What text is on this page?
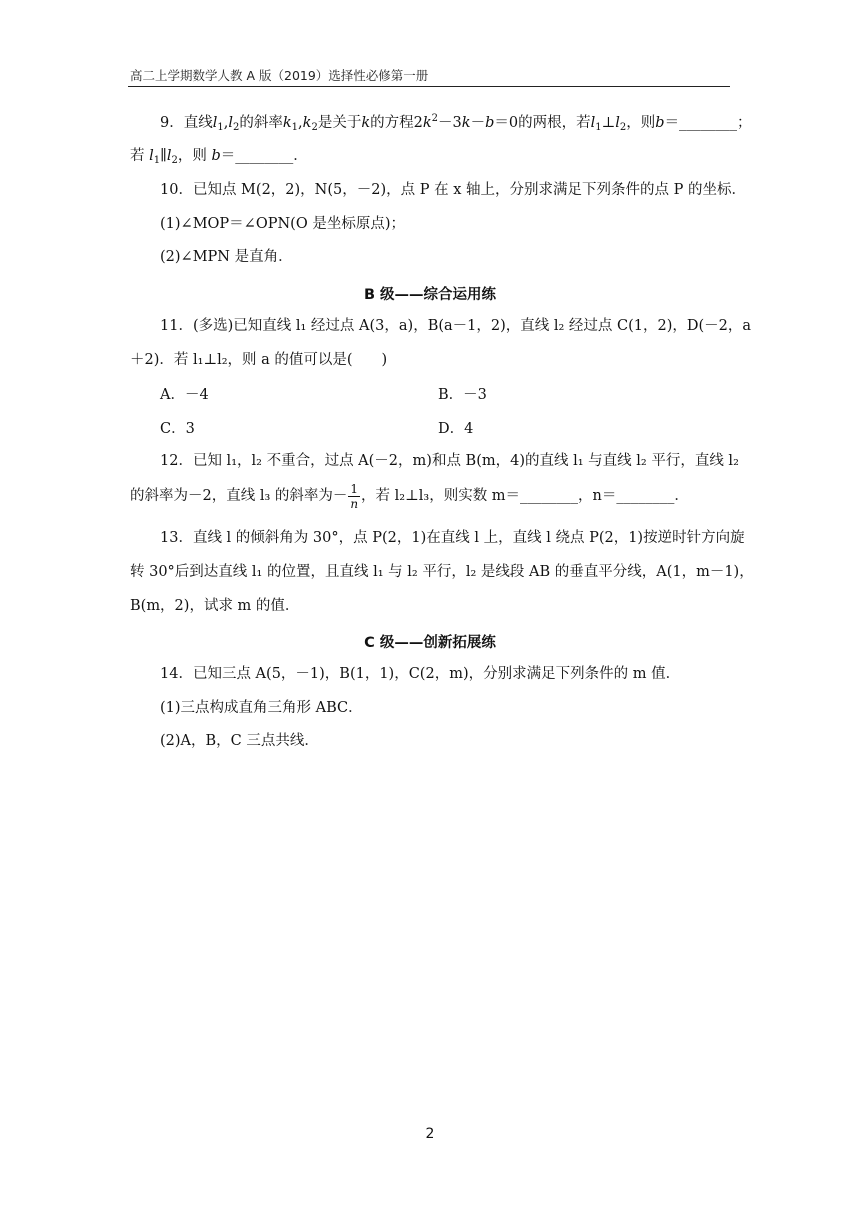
高二上学期数学人教 A 版（2019）选择性必修第一册
9．直线$l_1,l_2$的斜率$k_1,k_2$是关于k的方程$2k^2-3k-b=0$的两根，若$l_1\perp l_2$，则b＝________；
若 $l_1\parallel l_2$，则 b＝________．
10．已知点 M(2，2)，N(5，－2)，点 P 在 x 轴上，分别求满足下列条件的点 P 的坐标．
(1)∠MOP＝∠OPN(O 是坐标原点)；
(2)∠MPN 是直角．
B 级——综合运用练
11．(多选)已知直线 l₁ 经过点 A(3，a)，B(a－1，2)，直线 l₂ 经过点 C(1，2)，D(－2，a
＋2)．若 l₁⊥l₂，则 a 的值可以是(　　)
A．－4	B．－3
C．3	D．4
12．已知 l₁，l₂ 不重合，过点 A(－2，m)和点 B(m，4)的直线 l₁ 与直线 l₂ 平行，直线 l₂
的斜率为－2，直线 l₃ 的斜率为－ $\frac{1}{n}$ ，若 l₂⊥l₃，则实数 m＝________，n＝________．
13．直线 l 的倾斜角为 30°，点 P(2，1)在直线 l 上，直线 l 绕点 P(2，1)按逆时针方向旋
转 30°后到达直线 l₁ 的位置，且直线 l₁ 与 l₂ 平行，l₂ 是线段 AB 的垂直平分线，A(1，m－1)，
B(m，2)，试求 m 的值．
C 级——创新拓展练
14．已知三点 A(5，－1)，B(1，1)，C(2，m)，分别求满足下列条件的 m 值．
(1)三点构成直角三角形 ABC．
(2)A，B，C 三点共线．
2
